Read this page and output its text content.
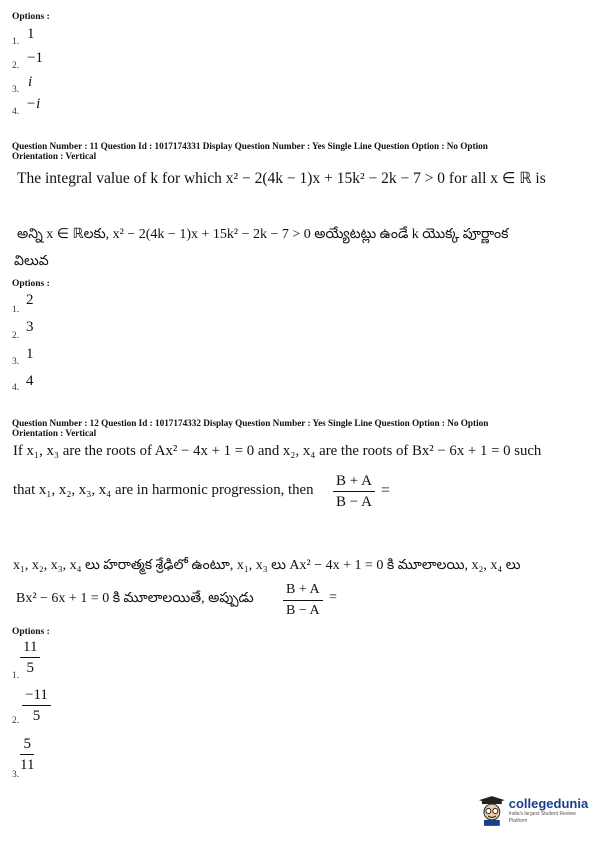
Options :
1. 1
2. −1
3. i
4. −i
Question Number : 11 Question Id : 1017174331 Display Question Number : Yes Single Line Question Option : No Option
Orientation : Vertical
The integral value of k for which x² − 2(4k − 1)x + 15k² − 2k − 7 > 0 for all x ∈ ℝ is
అన్ని x ∈ ℝలకు, x² − 2(4k − 1)x + 15k² − 2k − 7 > 0 అయ్యేటట్లు ఉండే k యొక్క పూర్ణాంక
విలువ
Options :
1.
2
2.
3
3. 1
4. 4
Question Number : 12 Question Id : 1017174332 Display Question Number : Yes Single Line Question Option : No Option
Orientation : Vertical
If x₁, x₃ are the roots of Ax² − 4x + 1 = 0 and x₂, x₄ are the roots of Bx² − 6x + 1 = 0 such
that x₁, x₂, x₃, x₄ are in harmonic progression, then $\frac{B + A}{B - A}$ =
x₁, x₂, x₃, x₄ లు హరాత్మక శ్రేఢిలో ఉంటూ, x₁, x₃ లు Ax² − 4x + 1 = 0 కి మూలాలయి, x₂, x₄ లు
Bx² − 6x + 1 = 0 కి మూలాలయితే, అప్పుడు $\frac{B + A}{B - A}$ =
Options :
1. $\frac{11}{5}$
2. $\frac{-11}{5}$
3. $\frac{5}{11}$
collegedunia
India's largest Student Review Platform
